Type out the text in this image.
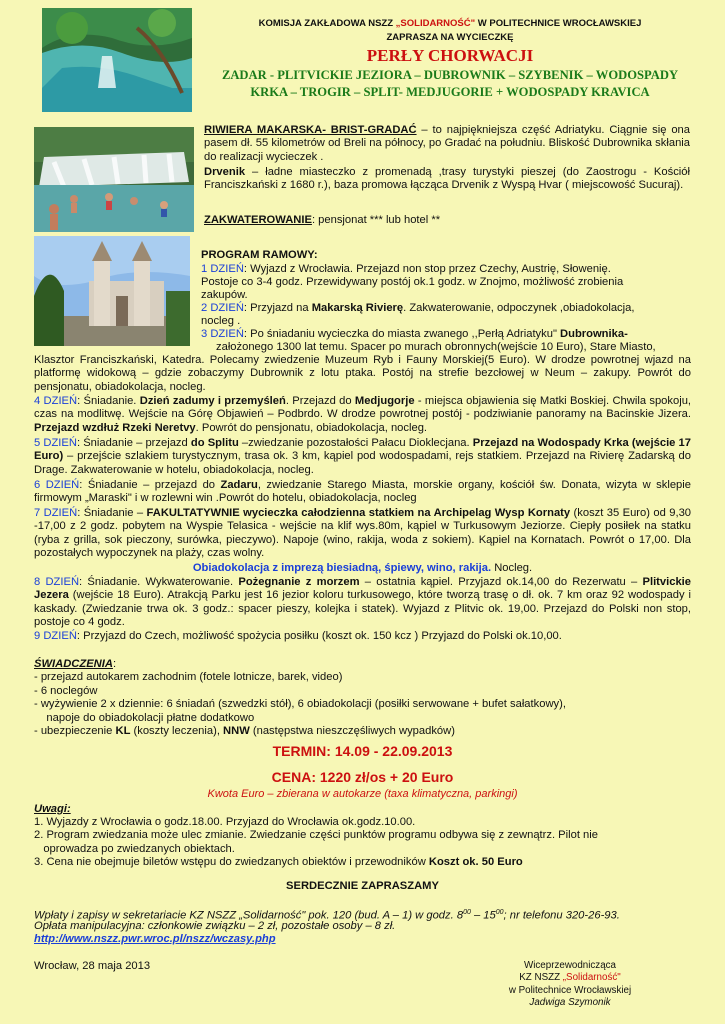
KOMISJA ZAKŁADOWA NSZZ „SOLIDARNOŚĆ" W POLITECHNICE WROCŁAWSKIEJ
ZAPRASZA NA WYCIECZKĘ
PERŁY CHORWACJI
ZADAR - PLITVICKIE JEZIORA – DUBROWNIK – SZYBENIK – WODOSPADY
KRKA – TROGIR – SPLIT- MEDJUGORIE + WODOSPADY KRAVICA
RIWIERA MAKARSKA- BRIST-GRADAĆ – to najpiękniejsza część Adriatyku. Ciągnie się ona pasem dł. 55 kilometrów od Breli na północy, po Gradać na południu. Bliskość Dubrownika skłania do realizacji wycieczek .
Drvenik – ładne miasteczko z promenadą ,trasy turystyki pieszej (do Zaostrogu - Kościół Franciszkański z 1680 r.), baza promowa łącząca Drvenik z Wyspą Hvar ( miejscowość Sucuraj).
ZAKWATEROWANIE: pensjonat *** lub hotel **
PROGRAM RAMOWY:
1 DZIEŃ: Wyjazd z Wrocławia. Przejazd non stop przez Czechy, Austrię, Słowenię.
Postoje co 3-4 godz. Przewidywany postój ok.1 godz. w Znojmo, możliwość zrobienia
zakupów.
2 DZIEŃ: Przyjazd na Makarską Rivierę. Zakwaterowanie, odpoczynek ,obiadokolacja,
nocleg .
3 DZIEŃ: Po śniadaniu wycieczka do miasta zwanego ,,Perłą Adriatyku" Dubrownika-
założonego 1300 lat temu. Spacer po murach obronnych(wejście 10 Euro), Stare Miasto,
Klasztor Franciszkański, Katedra. Polecamy zwiedzenie Muzeum Ryb i Fauny Morskiej(5 Euro). W drodze powrotnej wjazd na platformę widokową – gdzie zobaczymy Dubrownik z lotu ptaka. Postój na strefie bezcłowej w Neum – zakupy. Powrót do pensjonatu, obiadokolacja, nocleg.
4 DZIEŃ: Śniadanie. Dzień zadumy i przemyśleń. Przejazd do Medjugorje - miejsca objawienia się Matki Boskiej. Chwila spokoju, czas na modlitwę. Wejście na Górę Objawień – Podbrdo. W drodze powrotnej postój - podziwianie panoramy na Bacinskie Jizera. Przejazd wzdłuż Rzeki Neretvy. Powrót do pensjonatu, obiadokolacja, nocleg.
5 DZIEŃ: Śniadanie – przejazd do Splitu –zwiedzanie pozostałości Pałacu Dioklecjana. Przejazd na Wodospady Krka (wejście 17 Euro) – przejście szlakiem turystycznym, trasa ok. 3 km, kąpiel pod wodospadami, rejs statkiem. Przejazd na Rivierę Zadarską do Drage. Zakwaterowanie w hotelu, obiadokolacja, nocleg.
6 DZIEŃ: Śniadanie – przejazd do Zadaru, zwiedzanie Starego Miasta, morskie organy, kościół św. Donata, wizyta w sklepie firmowym „Maraski" i w rozlewni win .Powrót do hotelu, obiadokolacja, nocleg
7 DZIEŃ: Śniadanie – FAKULTATYWNIE wycieczka całodzienna statkiem na Archipelag Wysp Kornaty (koszt 35 Euro) od 9,30 -17,00 z 2 godz. pobytem na Wyspie Telasica - wejście na klif wys.80m, kąpiel w Turkusowym Jeziorze. Ciepły posiłek na statku (ryba z grilla, sok pieczony, surówka, pieczywo). Napoje (wino, rakija, woda z sokiem). Kąpiel na Kornatach. Powrót o 17,00. Dla pozostałych wypoczynek na plaży, czas wolny.
Obiadokolacja z imprezą biesiadną, śpiewy, wino, rakija. Nocleg.
8 DZIEŃ: Śniadanie. Wykwaterowanie. Pożegnanie z morzem – ostatnia kąpiel. Przyjazd ok.14,00 do Rezerwatu – Plitvickie Jezera (wejście 18 Euro). Atrakcją Parku jest 16 jezior koloru turkusowego, które tworzą trasę o dł. ok. 7 km oraz 92 wodospady i kaskady. (Zwiedzanie trwa ok. 3 godz.: spacer pieszy, kolejka i statek). Wyjazd z Plitvic ok. 19,00. Przejazd do Polski non stop, postoje co 4 godz.
9 DZIEŃ: Przyjazd do Czech, możliwość spożycia posiłku (koszt ok. 150 kcz ) Przyjazd do Polski ok.10,00.
ŚWIADCZENIA:
- przejazd autokarem zachodnim (fotele lotnicze, barek, video)
- 6 noclegów
- wyżywienie 2 x dziennie: 6 śniadań (szwedzki stół), 6 obiadokolacji (posiłki serwowane + bufet sałatkowy),
napoje do obiadokolacji płatne dodatkowo
- ubezpieczenie KL (koszty leczenia), NNW (następstwa nieszczęśliwych wypadków)
TERMIN: 14.09 - 22.09.2013
CENA: 1220 zł/os + 20 Euro
Kwota Euro – zbierana w autokarze (taxa klimatyczna, parkingi)
Uwagi:
1. Wyjazdy z Wrocławia o godz.18.00. Przyjazd do Wrocławia ok.godz.10.00.
2. Program zwiedzania może ulec zmianie. Zwiedzanie części punktów programu odbywa się z zewnątrz. Pilot nie
oprowadza po zwiedzanych obiektach.
3. Cena nie obejmuje biletów wstępu do zwiedzanych obiektów i przewodników Koszt ok. 50 Euro
SERDECZNIE ZAPRASZAMY
Wpłaty i zapisy w sekretariacie KZ NSZZ „Solidarność" pok. 120 (bud. A – 1) w godz. $8^{00} - 15^{00}$; nr telefonu 320-26-93.
Opłata manipulacyjna: członkowie związku – 2 zł, pozostałe osoby – 8 zł.
http://www.nszz.pwr.wroc.pl/nszz/wczasy.php
Wrocław, 28 maja 2013	Wiceprzewodnicząca
KZ NSZZ „Solidarność"
w Politechnice Wrocławskiej
Jadwiga Szymonik
